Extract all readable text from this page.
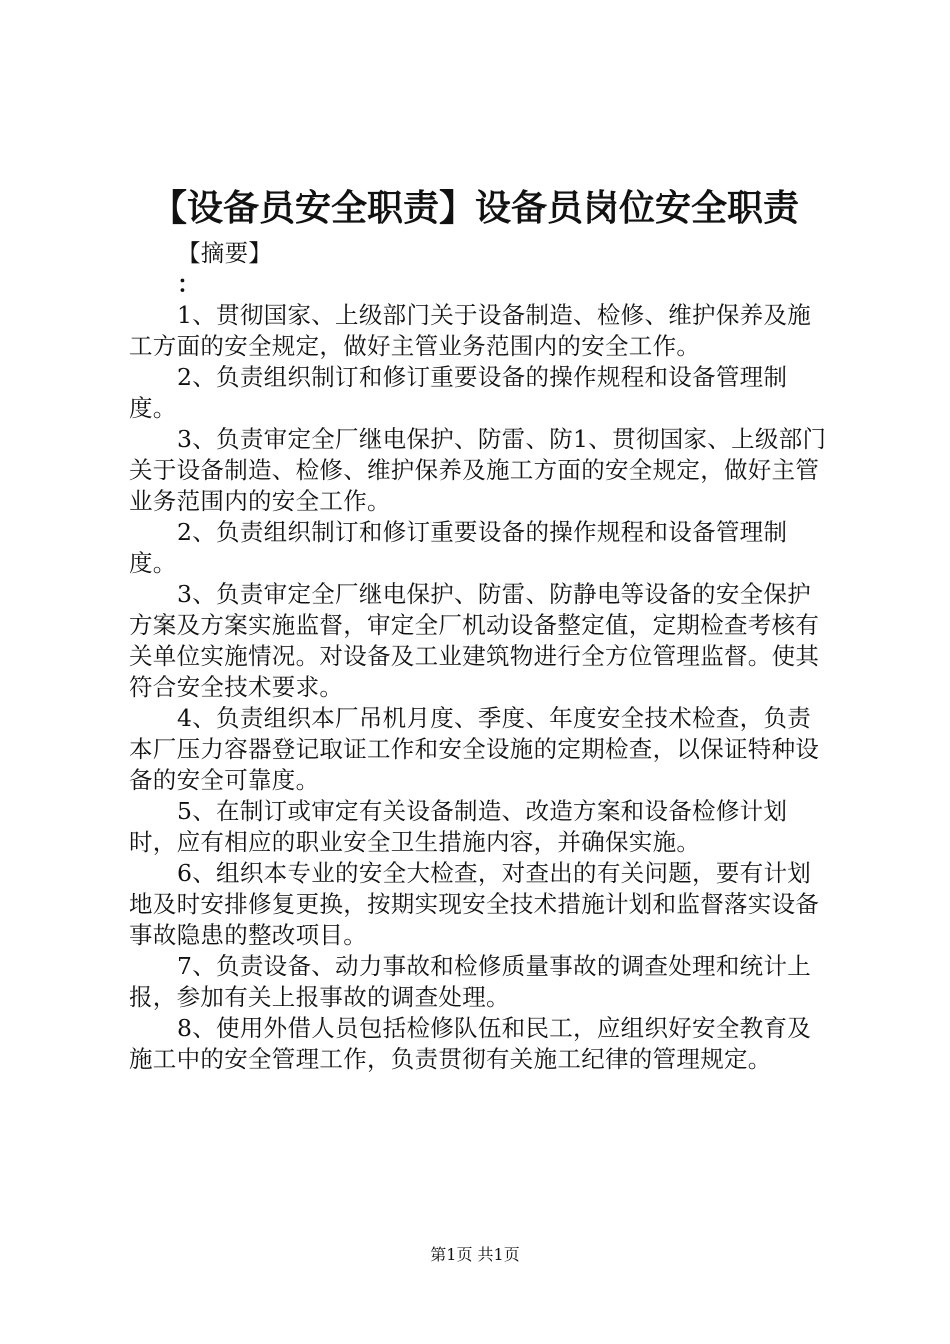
【设备员安全职责】设备员岗位安全职责

【摘要】

：

1、贯彻国家、上级部门关于设备制造、检修、维护保养及施工方面的安全规定，做好主管业务范围内的安全工作。

2、负责组织制订和修订重要设备的操作规程和设备管理制度。

3、负责审定全厂继电保护、防雷、防1、贯彻国家、上级部门关于设备制造、检修、维护保养及施工方面的安全规定，做好主管业务范围内的安全工作。

2、负责组织制订和修订重要设备的操作规程和设备管理制度。

3、负责审定全厂继电保护、防雷、防静电等设备的安全保护方案及方案实施监督，审定全厂机动设备整定值，定期检查考核有关单位实施情况。对设备及工业建筑物进行全方位管理监督。使其符合安全技术要求。

4、负责组织本厂吊机月度、季度、年度安全技术检查，负责本厂压力容器登记取证工作和安全设施的定期检查，以保证特种设备的安全可靠度。

5、在制订或审定有关设备制造、改造方案和设备检修计划时，应有相应的职业安全卫生措施内容，并确保实施。

6、组织本专业的安全大检查，对查出的有关问题，要有计划地及时安排修复更换，按期实现安全技术措施计划和监督落实设备事故隐患的整改项目。

7、负责设备、动力事故和检修质量事故的调查处理和统计上报，参加有关上报事故的调查处理。

8、使用外借人员包括检修队伍和民工，应组织好安全教育及施工中的安全管理工作，负责贯彻有关施工纪律的管理规定。

第1页 共1页
